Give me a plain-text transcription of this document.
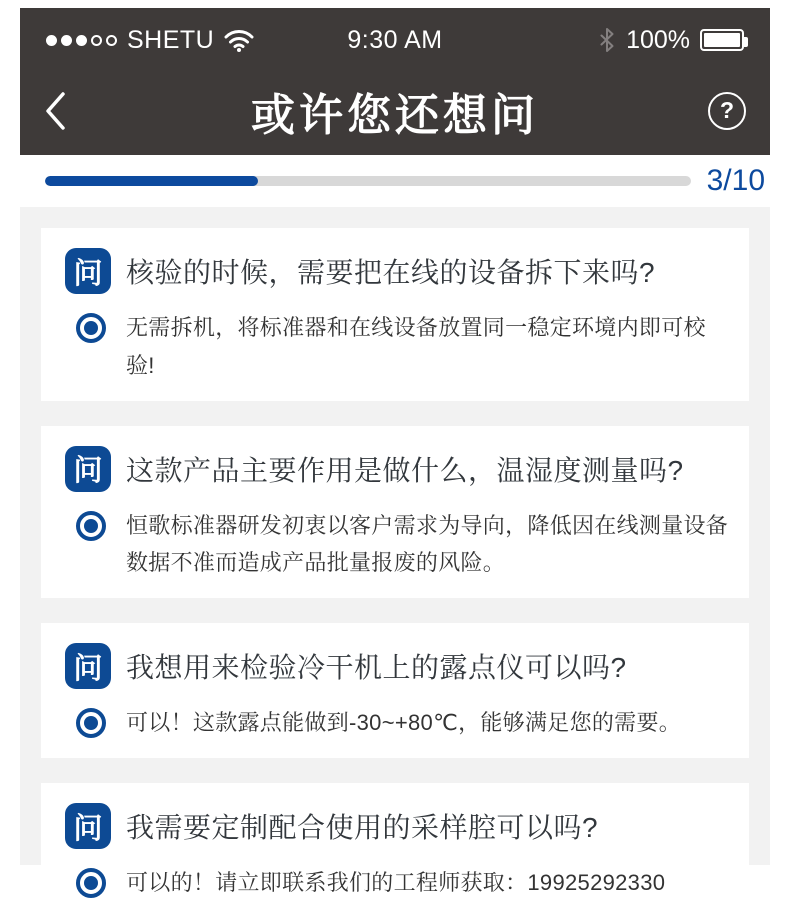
SHETU	9:30 AM	100%
或许您还想问	?
3/10
问 核验的时候，需要把在线的设备拆下来吗?
无需拆机，将标准器和在线设备放置同一稳定环境内即可校验!
问 这款产品主要作用是做什么，温湿度测量吗?
恒歌标准器研发初衷以客户需求为导向，降低因在线测量设备数据不准而造成产品批量报废的风险。
问 我想用来检验冷干机上的露点仪可以吗?
可以！这款露点能做到-30~+80℃，能够满足您的需要。
问 我需要定制配合使用的采样腔可以吗?
可以的！请立即联系我们的工程师获取：19925292330
